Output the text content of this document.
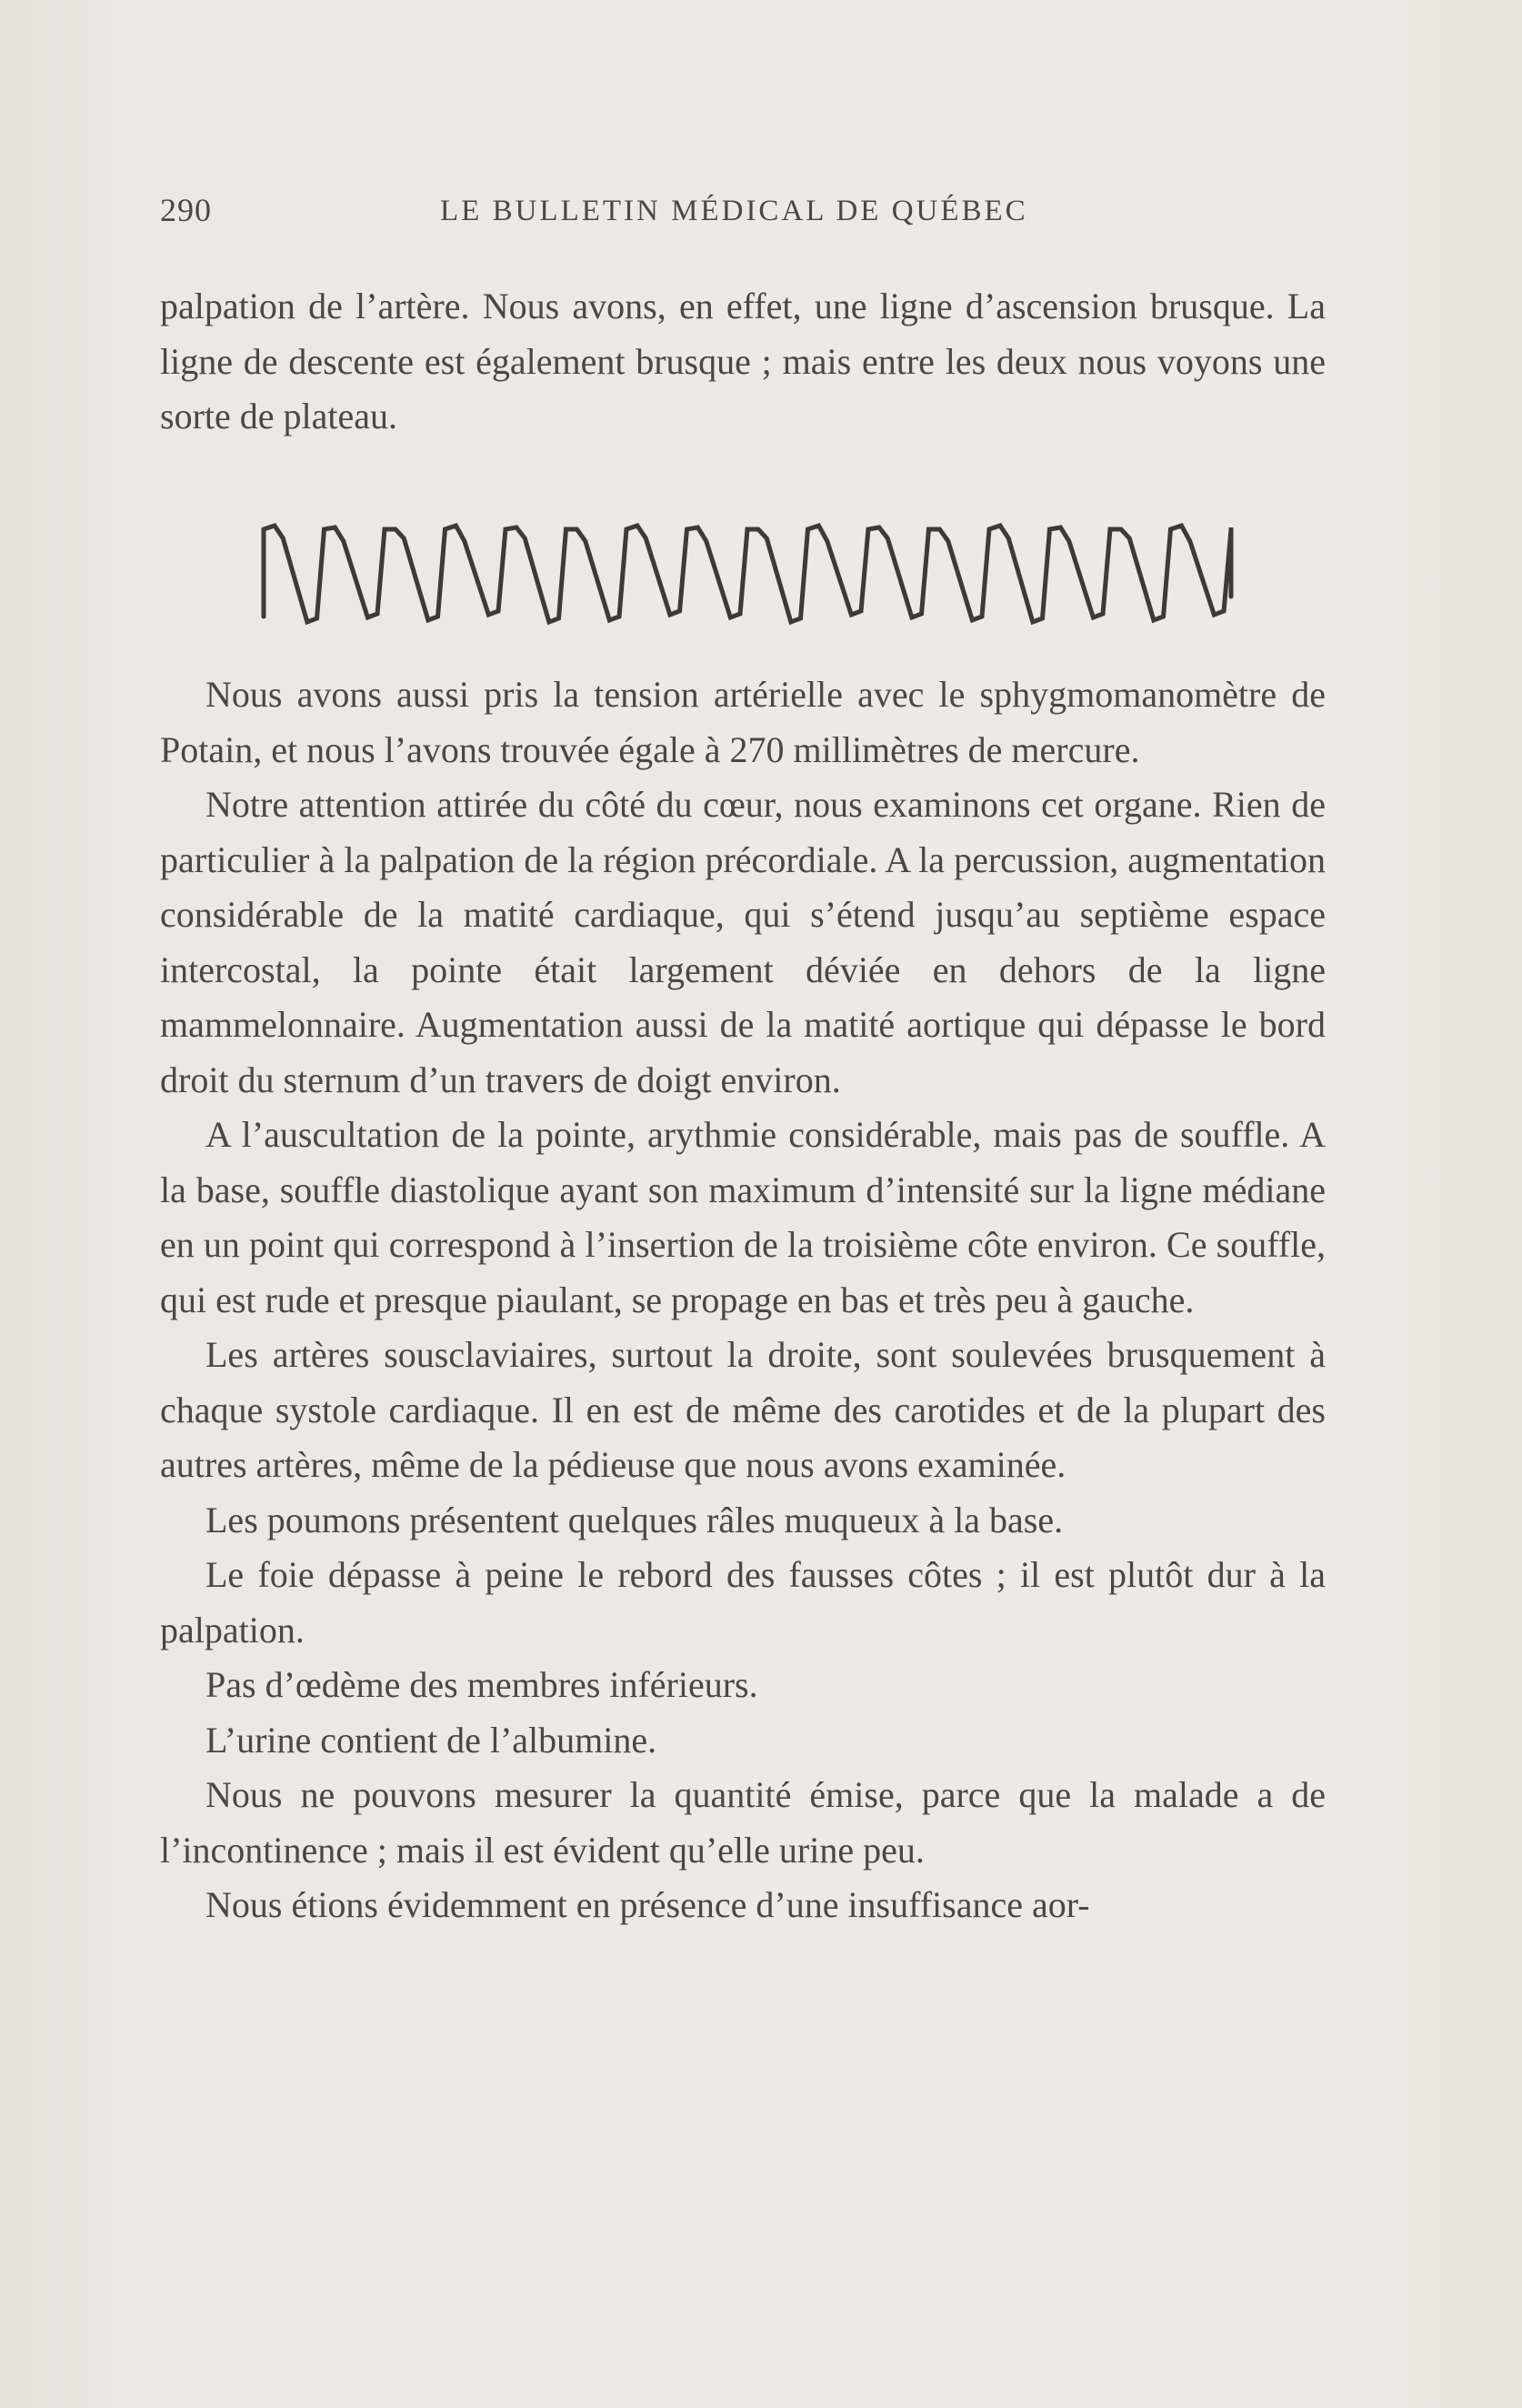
290	LE BULLETIN MÉDICAL DE QUÉBEC

palpation de l’artère. Nous avons, en effet, une ligne d’ascension brusque. La ligne de descente est également brusque ; mais entre les deux nous voyons une sorte de plateau.

Nous avons aussi pris la tension artérielle avec le sphygmomanomètre de Potain, et nous l’avons trouvée égale à 270 millimètres de mercure.

Notre attention attirée du côté du cœur, nous examinons cet organe. Rien de particulier à la palpation de la région précordiale. A la percussion, augmentation considérable de la matité cardiaque, qui s’étend jusqu’au septième espace intercostal, la pointe était largement déviée en dehors de la ligne mammelonnaire. Augmentation aussi de la matité aortique qui dépasse le bord droit du sternum d’un travers de doigt environ.

A l’auscultation de la pointe, arythmie considérable, mais pas de souffle. A la base, souffle diastolique ayant son maximum d’intensité sur la ligne médiane en un point qui correspond à l’insertion de la troisième côte environ. Ce souffle, qui est rude et presque piaulant, se propage en bas et très peu à gauche.

Les artères sousclaviaires, surtout la droite, sont soulevées brusquement à chaque systole cardiaque. Il en est de même des carotides et de la plupart des autres artères, même de la pédieuse que nous avons examinée.

Les poumons présentent quelques râles muqueux à la base.

Le foie dépasse à peine le rebord des fausses côtes ; il est plutôt dur à la palpation.

Pas d’œdème des membres inférieurs.

L’urine contient de l’albumine.

Nous ne pouvons mesurer la quantité émise, parce que la malade a de l’incontinence ; mais il est évident qu’elle urine peu.

Nous étions évidemment en présence d’une insuffisance aor-
